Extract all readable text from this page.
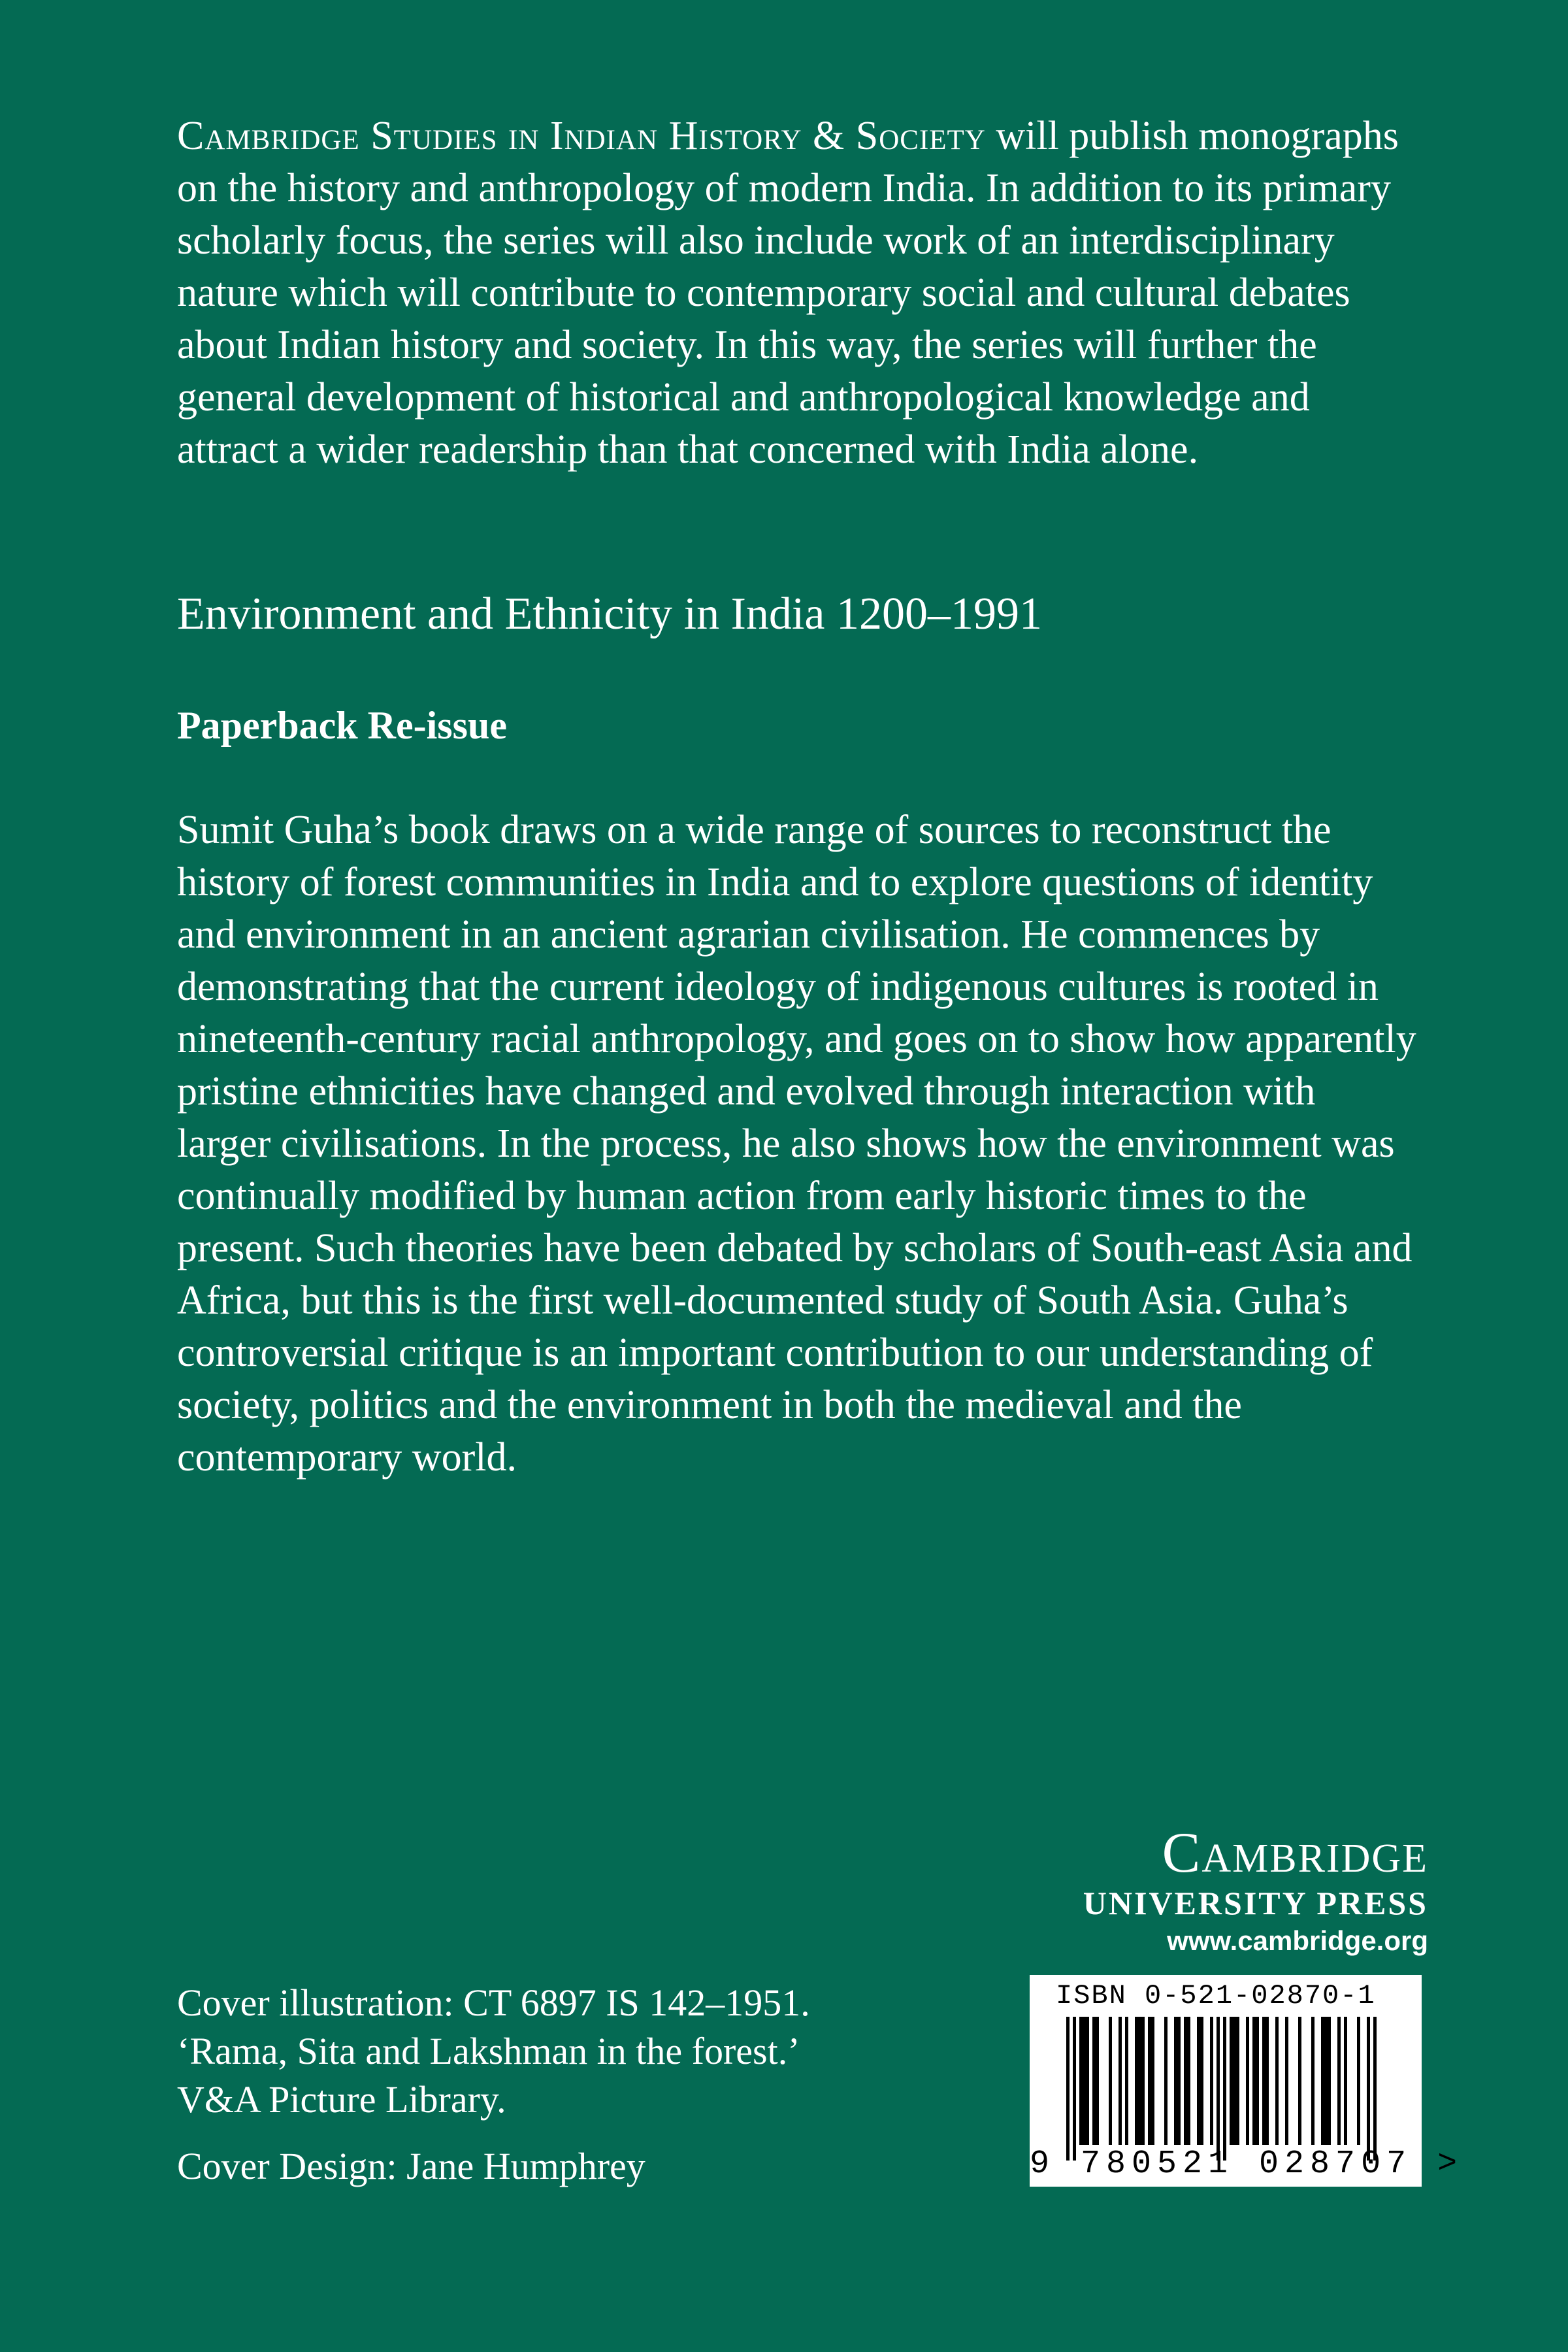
Cambridge Studies in Indian History & Society will publish monographs on the history and anthropology of modern India. In addition to its primary scholarly focus, the series will also include work of an interdisciplinary nature which will contribute to contemporary social and cultural debates about Indian history and society. In this way, the series will further the general development of historical and anthropological knowledge and attract a wider readership than that concerned with India alone.
Environment and Ethnicity in India 1200–1991
Paperback Re-issue
Sumit Guha’s book draws on a wide range of sources to reconstruct the history of forest communities in India and to explore questions of identity and environment in an ancient agrarian civilisation. He commences by demonstrating that the current ideology of indigenous cultures is rooted in nineteenth-century racial anthropology, and goes on to show how apparently pristine ethnicities have changed and evolved through interaction with larger civilisations. In the process, he also shows how the environment was continually modified by human action from early historic times to the present. Such theories have been debated by scholars of South-east Asia and Africa, but this is the first well-documented study of South Asia. Guha’s controversial critique is an important contribution to our understanding of society, politics and the environment in both the medieval and the contemporary world.
Cover illustration: CT 6897 IS 142–1951.
‘Rama, Sita and Lakshman in the forest.’
V&A Picture Library.
Cover Design: Jane Humphrey
Cambridge
UNIVERSITY PRESS
www.cambridge.org
ISBN 0-521-02870-1
9 780521 028707 >
